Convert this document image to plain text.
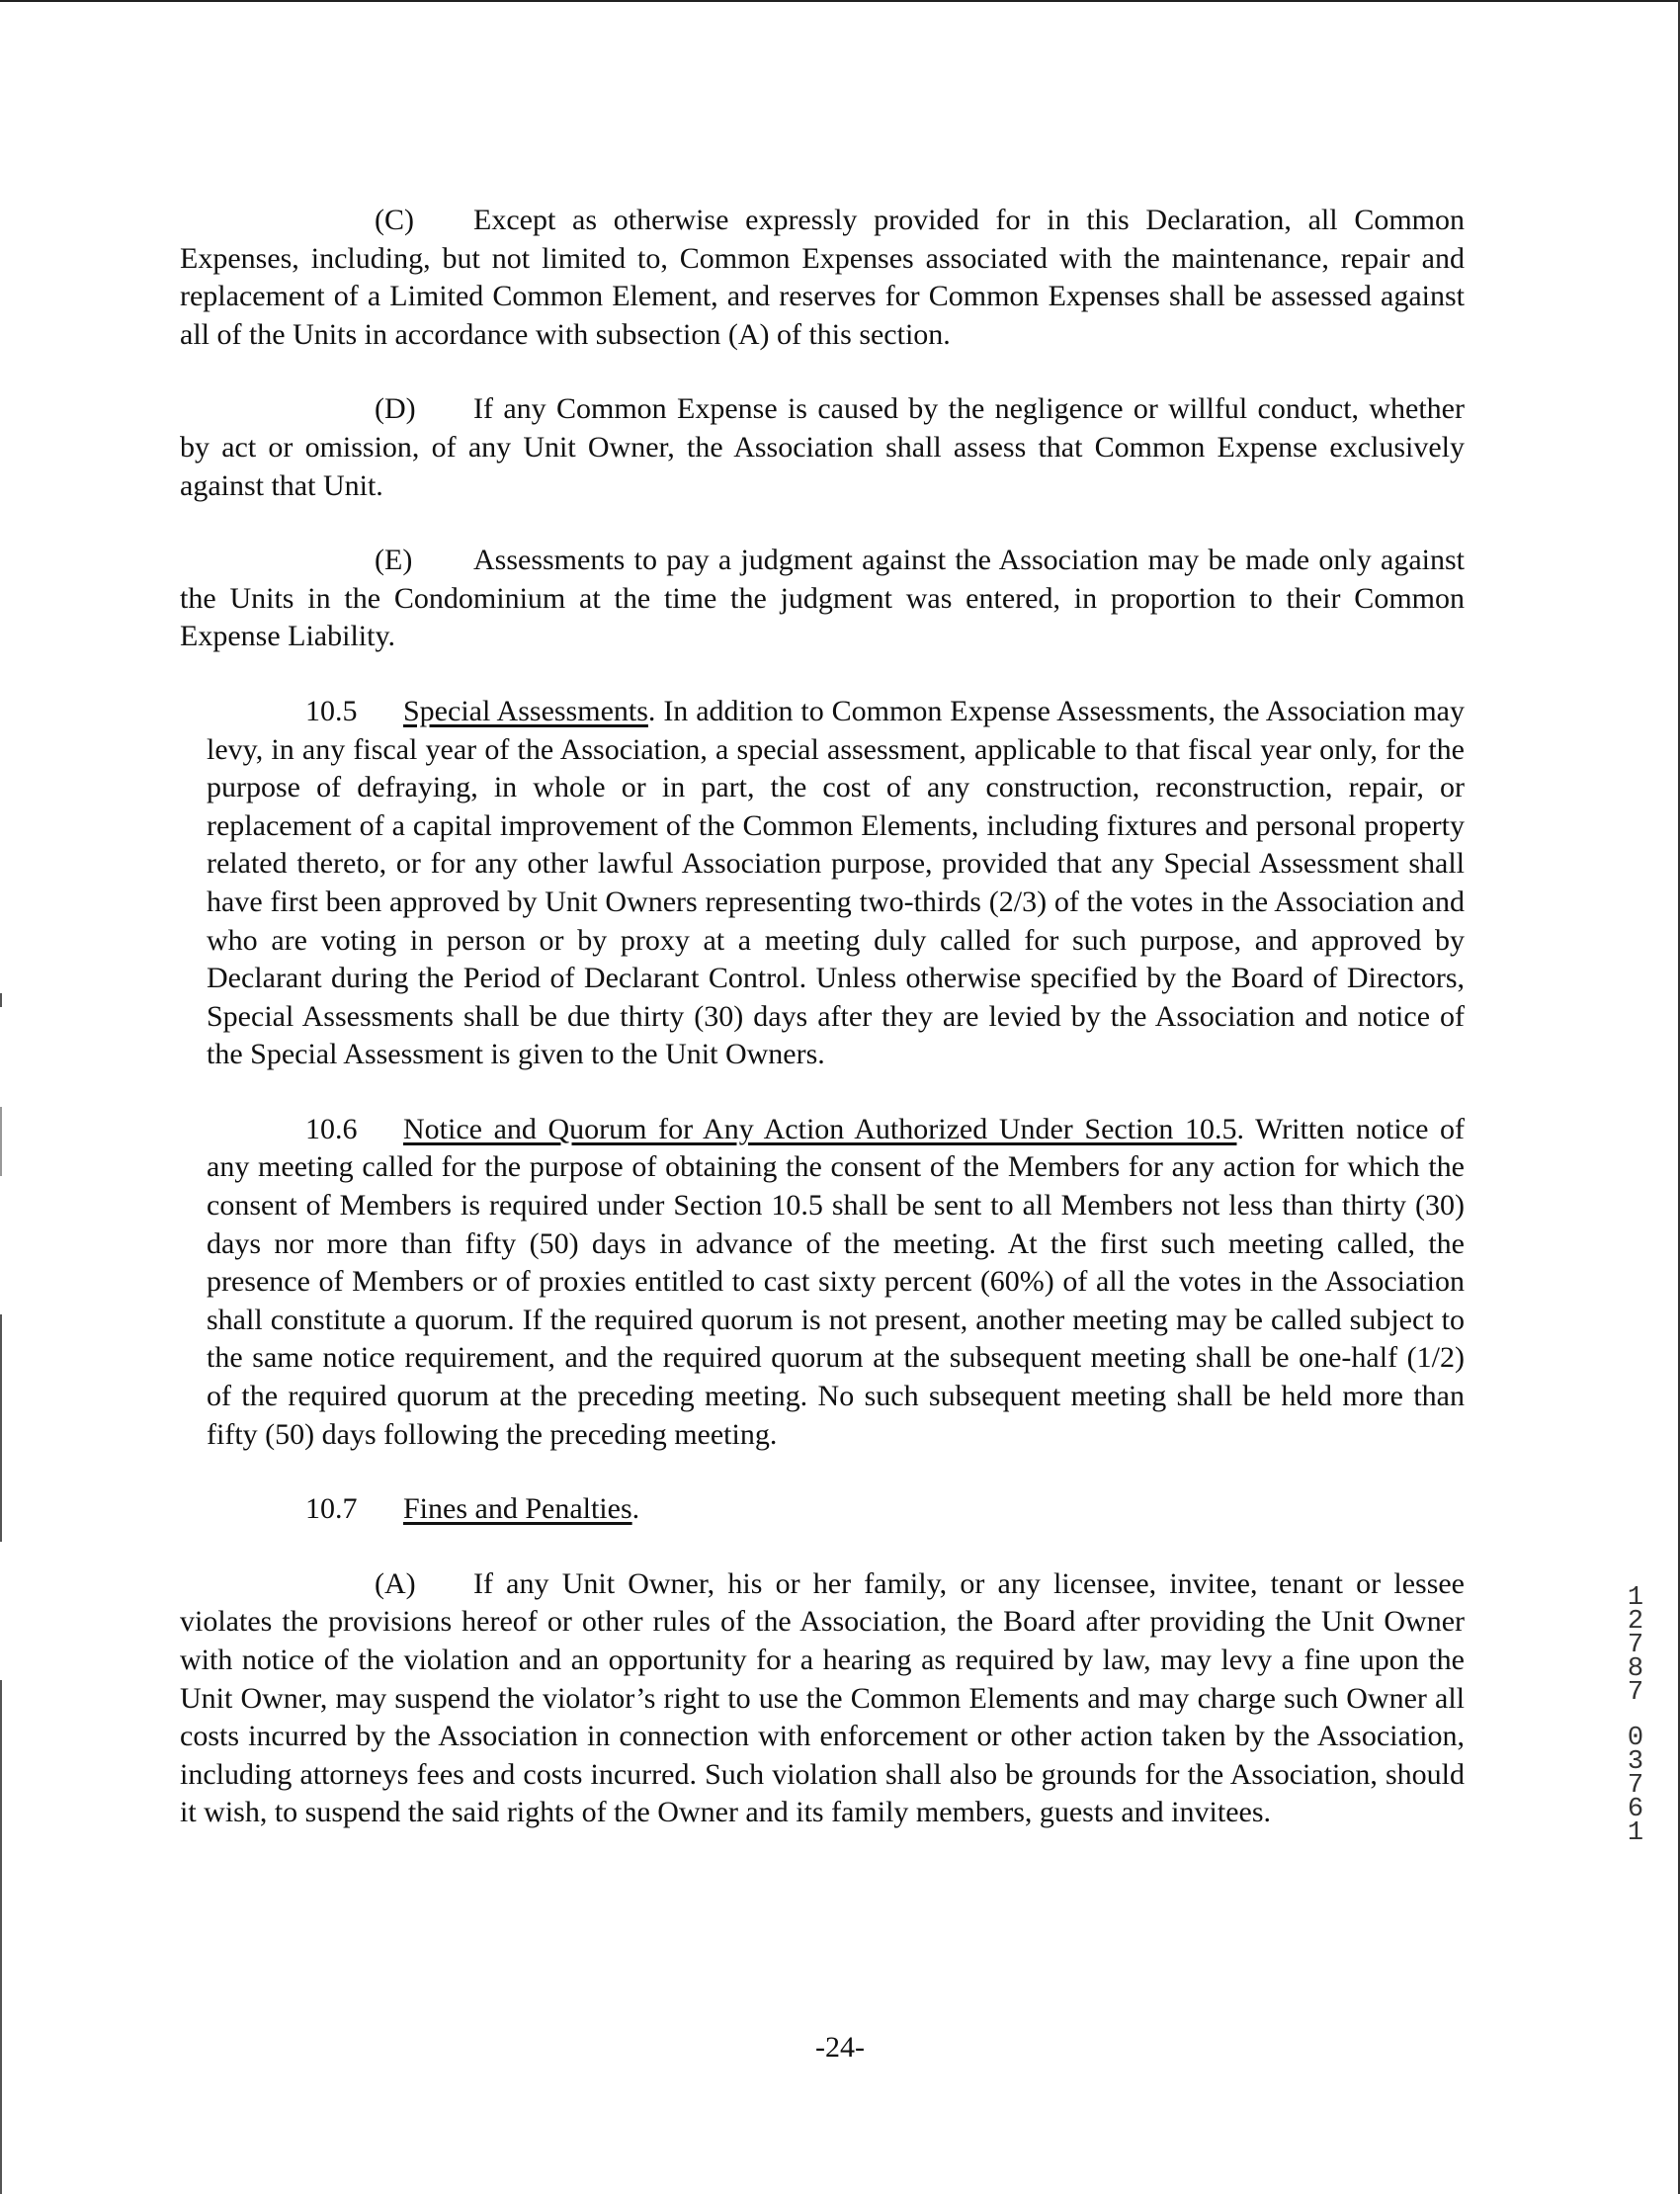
(C) Except as otherwise expressly provided for in this Declaration, all Common Expenses, including, but not limited to, Common Expenses associated with the maintenance, repair and replacement of a Limited Common Element, and reserves for Common Expenses shall be assessed against all of the Units in accordance with subsection (A) of this section.

(D) If any Common Expense is caused by the negligence or willful conduct, whether by act or omission, of any Unit Owner, the Association shall assess that Common Expense exclusively against that Unit.

(E) Assessments to pay a judgment against the Association may be made only against the Units in the Condominium at the time the judgment was entered, in proportion to their Common Expense Liability.

10.5 Special Assessments. In addition to Common Expense Assessments, the Association may levy, in any fiscal year of the Association, a special assessment, applicable to that fiscal year only, for the purpose of defraying, in whole or in part, the cost of any construction, reconstruction, repair, or replacement of a capital improvement of the Common Elements, including fixtures and personal property related thereto, or for any other lawful Association purpose, provided that any Special Assessment shall have first been approved by Unit Owners representing two-thirds (2/3) of the votes in the Association and who are voting in person or by proxy at a meeting duly called for such purpose, and approved by Declarant during the Period of Declarant Control. Unless otherwise specified by the Board of Directors, Special Assessments shall be due thirty (30) days after they are levied by the Association and notice of the Special Assessment is given to the Unit Owners.

10.6 Notice and Quorum for Any Action Authorized Under Section 10.5. Written notice of any meeting called for the purpose of obtaining the consent of the Members for any action for which the consent of Members is required under Section 10.5 shall be sent to all Members not less than thirty (30) days nor more than fifty (50) days in advance of the meeting. At the first such meeting called, the presence of Members or of proxies entitled to cast sixty percent (60%) of all the votes in the Association shall constitute a quorum. If the required quorum is not present, another meeting may be called subject to the same notice requirement, and the required quorum at the subsequent meeting shall be one-half (1/2) of the required quorum at the preceding meeting. No such subsequent meeting shall be held more than fifty (50) days following the preceding meeting.

10.7 Fines and Penalties.

(A) If any Unit Owner, his or her family, or any licensee, invitee, tenant or lessee violates the provisions hereof or other rules of the Association, the Board after providing the Unit Owner with notice of the violation and an opportunity for a hearing as required by law, may levy a fine upon the Unit Owner, may suspend the violator’s right to use the Common Elements and may charge such Owner all costs incurred by the Association in connection with enforcement or other action taken by the Association, including attorneys fees and costs incurred. Such violation shall also be grounds for the Association, should it wish, to suspend the said rights of the Owner and its family members, guests and invitees.

-24-
1
2
7
8
7
0
3
7
6
1
